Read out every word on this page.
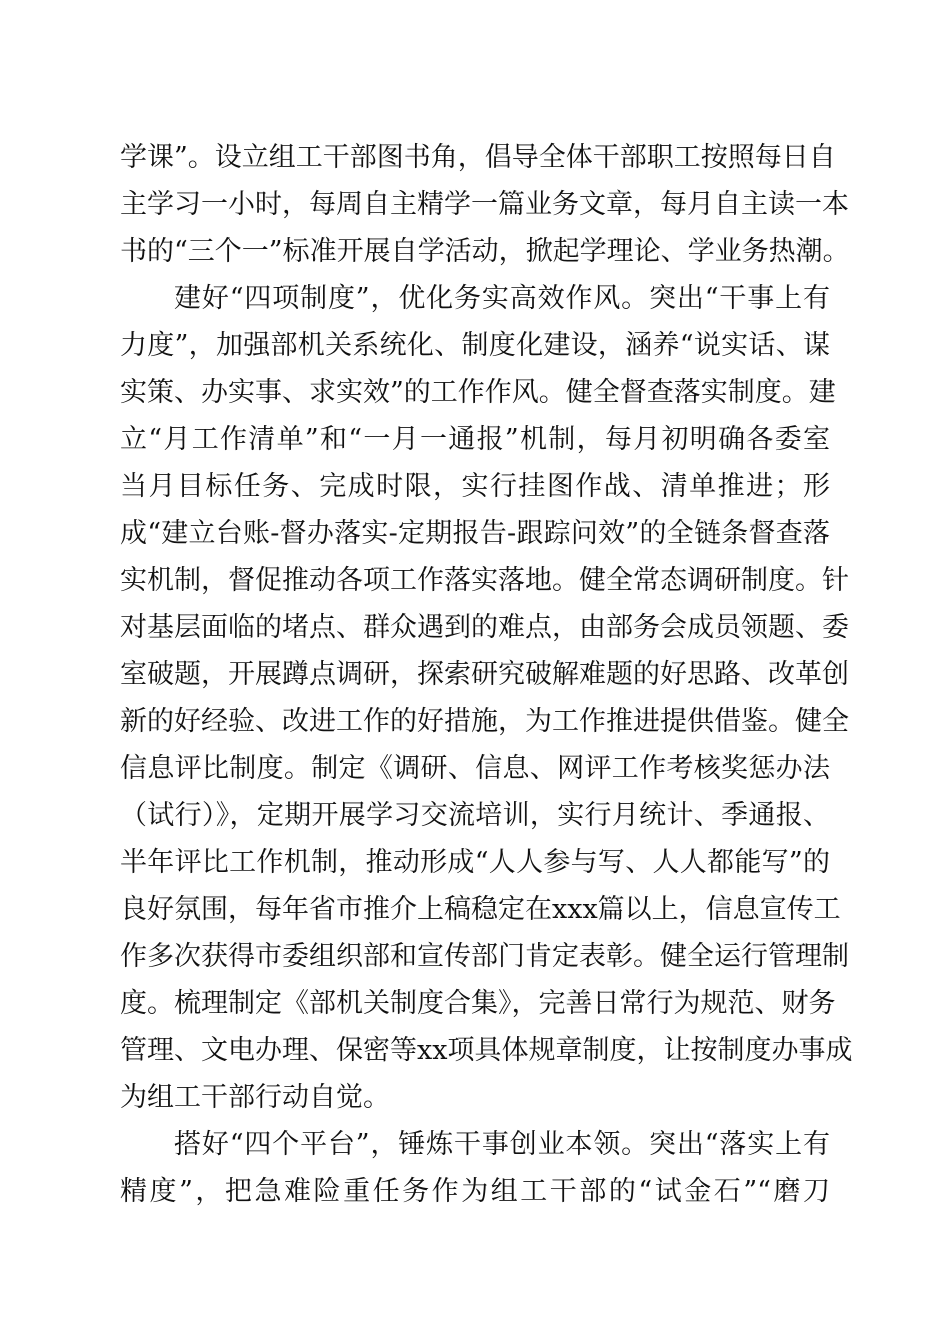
学课”。设立组工干部图书角，倡导全体干部职工按照每日自
主学习一小时，每周自主精学一篇业务文章，每月自主读一本
书的“三个一”标准开展自学活动，掀起学理论、学业务热潮。
建好“四项制度”，优化务实高效作风。突出“干事上有
力度”，加强部机关系统化、制度化建设，涵养“说实话、谋
实策、办实事、求实效”的工作作风。健全督查落实制度。建
立“月工作清单”和“一月一通报”机制，每月初明确各委室
当月目标任务、完成时限，实行挂图作战、清单推进；形
成“建立台账-督办落实-定期报告-跟踪问效”的全链条督查落
实机制，督促推动各项工作落实落地。健全常态调研制度。针
对基层面临的堵点、群众遇到的难点，由部务会成员领题、委
室破题，开展蹲点调研，探索研究破解难题的好思路、改革创
新的好经验、改进工作的好措施，为工作推进提供借鉴。健全
信息评比制度。制定《调研、信息、网评工作考核奖惩办法
（试行）》，定期开展学习交流培训，实行月统计、季通报、
半年评比工作机制，推动形成“人人参与写、人人都能写”的
良好氛围，每年省市推介上稿稳定在xxx篇以上，信息宣传工
作多次获得市委组织部和宣传部门肯定表彰。健全运行管理制
度。梳理制定《部机关制度合集》，完善日常行为规范、财务
管理、文电办理、保密等xx项具体规章制度，让按制度办事成
为组工干部行动自觉。
搭好“四个平台”，锤炼干事创业本领。突出“落实上有
精度”，把急难险重任务作为组工干部的“试金石”“磨刀
